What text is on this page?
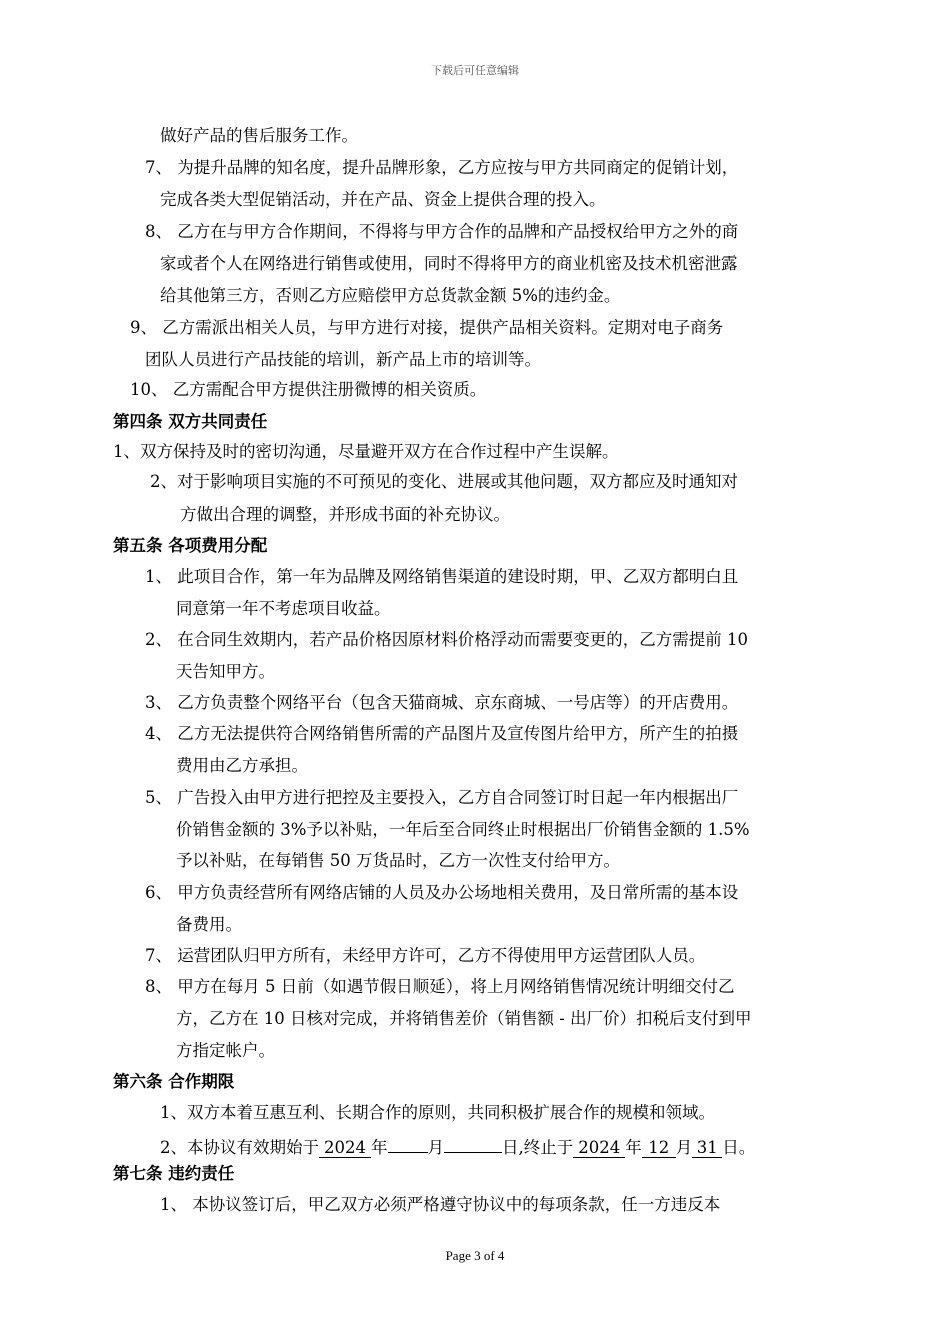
下载后可任意编辑
做好产品的售后服务工作。
7、 为提升品牌的知名度，提升品牌形象，乙方应按与甲方共同商定的促销计划，
完成各类大型促销活动，并在产品、资金上提供合理的投入。
8、 乙方在与甲方合作期间，不得将与甲方合作的品牌和产品授权给甲方之外的商
家或者个人在网络进行销售或使用，同时不得将甲方的商业机密及技术机密泄露
给其他第三方，否则乙方应赔偿甲方总货款金额 5%的违约金。
9、 乙方需派出相关人员，与甲方进行对接，提供产品相关资料。定期对电子商务
团队人员进行产品技能的培训，新产品上市的培训等。
10、 乙方需配合甲方提供注册微博的相关资质。
第四条 双方共同责任
1、双方保持及时的密切沟通，尽量避开双方在合作过程中产生误解。
2、对于影响项目实施的不可预见的变化、进展或其他问题，双方都应及时通知对
方做出合理的调整，并形成书面的补充协议。
第五条 各项费用分配
1、 此项目合作，第一年为品牌及网络销售渠道的建设时期，甲、乙双方都明白且
同意第一年不考虑项目收益。
2、 在合同生效期内，若产品价格因原材料价格浮动而需要变更的，乙方需提前 10
天告知甲方。
3、 乙方负责整个网络平台（包含天猫商城、京东商城、一号店等）的开店费用。
4、 乙方无法提供符合网络销售所需的产品图片及宣传图片给甲方，所产生的拍摄
费用由乙方承担。
5、 广告投入由甲方进行把控及主要投入，乙方自合同签订时日起一年内根据出厂
价销售金额的 3%予以补贴，一年后至合同终止时根据出厂价销售金额的 1.5%
予以补贴，在每销售 50 万货品时，乙方一次性支付给甲方。
6、 甲方负责经营所有网络店铺的人员及办公场地相关费用，及日常所需的基本设
备费用。
7、 运营团队归甲方所有，未经甲方许可，乙方不得使用甲方运营团队人员。
8、 甲方在每月 5 日前（如遇节假日顺延），将上月网络销售情况统计明细交付乙
方，乙方在 10 日核对完成，并将销售差价（销售额 - 出厂价）扣税后支付到甲
方指定帐户。
第六条 合作期限
1、双方本着互惠互利、长期合作的原则，共同积极扩展合作的规模和领域。
2、本协议有效期始于 2024 年 月	日,终止于 2024 年 12 月 31 日。
第七条 违约责任
1、 本协议签订后，甲乙双方必须严格遵守协议中的每项条款，任一方违反本
Page 3 of 4
